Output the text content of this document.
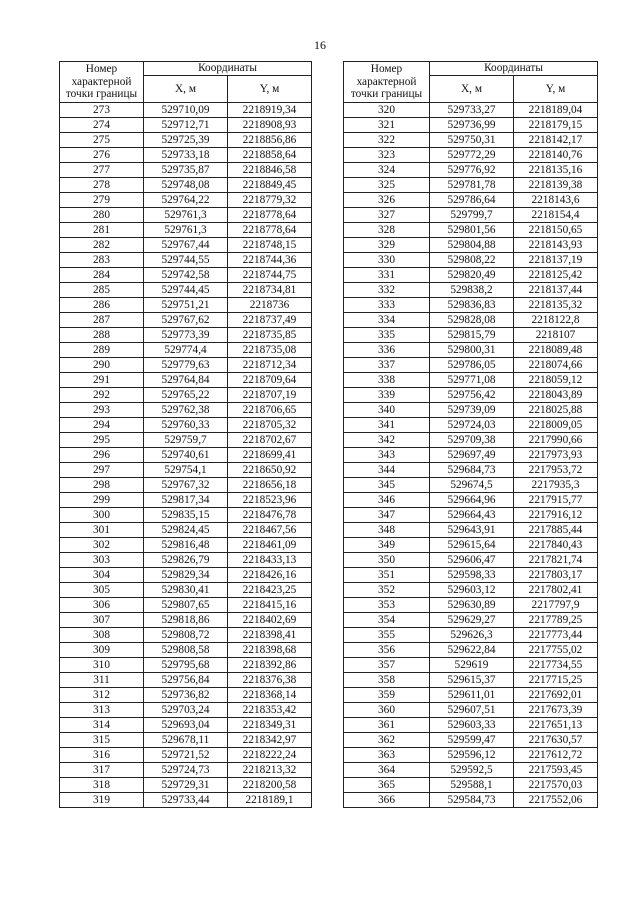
16
Номер характерной точки границы	Координаты	
	X, м	Y, м
273	529710,09	2218919,34
274	529712,71	2218908,93
275	529725,39	2218856,86
276	529733,18	2218858,64
277	529735,87	2218846,58
278	529748,08	2218849,45
279	529764,22	2218779,32
280	529761,3	2218778,64
281	529761,3	2218778,64
282	529767,44	2218748,15
283	529744,55	2218744,36
284	529742,58	2218744,75
285	529744,45	2218734,81
286	529751,21	2218736
287	529767,62	2218737,49
288	529773,39	2218735,85
289	529774,4	2218735,08
290	529779,63	2218712,34
291	529764,84	2218709,64
292	529765,22	2218707,19
293	529762,38	2218706,65
294	529760,33	2218705,32
295	529759,7	2218702,67
296	529740,61	2218699,41
297	529754,1	2218650,92
298	529767,32	2218656,18
299	529817,34	2218523,96
300	529835,15	2218476,78
301	529824,45	2218467,56
302	529816,48	2218461,09
303	529826,79	2218433,13
304	529829,34	2218426,16
305	529830,41	2218423,25
306	529807,65	2218415,16
307	529818,86	2218402,69
308	529808,72	2218398,41
309	529808,58	2218398,68
310	529795,68	2218392,86
311	529756,84	2218376,38
312	529736,82	2218368,14
313	529703,24	2218353,42
314	529693,04	2218349,31
315	529678,11	2218342,97
316	529721,52	2218222,24
317	529724,73	2218213,32
318	529729,31	2218200,58
319	529733,44	2218189,1
Номер характерной точки границы	Координаты	
	X, м	Y, м
320	529733,27	2218189,04
321	529736,99	2218179,15
322	529750,31	2218142,17
323	529772,29	2218140,76
324	529776,92	2218135,16
325	529781,78	2218139,38
326	529786,64	2218143,6
327	529799,7	2218154,4
328	529801,56	2218150,65
329	529804,88	2218143,93
330	529808,22	2218137,19
331	529820,49	2218125,42
332	529838,2	2218137,44
333	529836,83	2218135,32
334	529828,08	2218122,8
335	529815,79	2218107
336	529800,31	2218089,48
337	529786,05	2218074,66
338	529771,08	2218059,12
339	529756,42	2218043,89
340	529739,09	2218025,88
341	529724,03	2218009,05
342	529709,38	2217990,66
343	529697,49	2217973,93
344	529684,73	2217953,72
345	529674,5	2217935,3
346	529664,96	2217915,77
347	529664,43	2217916,12
348	529643,91	2217885,44
349	529615,64	2217840,43
350	529606,47	2217821,74
351	529598,33	2217803,17
352	529603,12	2217802,41
353	529630,89	2217797,9
354	529629,27	2217789,25
355	529626,3	2217773,44
356	529622,84	2217755,02
357	529619	2217734,55
358	529615,37	2217715,25
359	529611,01	2217692,01
360	529607,51	2217673,39
361	529603,33	2217651,13
362	529599,47	2217630,57
363	529596,12	2217612,72
364	529592,5	2217593,45
365	529588,1	2217570,03
366	529584,73	2217552,06
